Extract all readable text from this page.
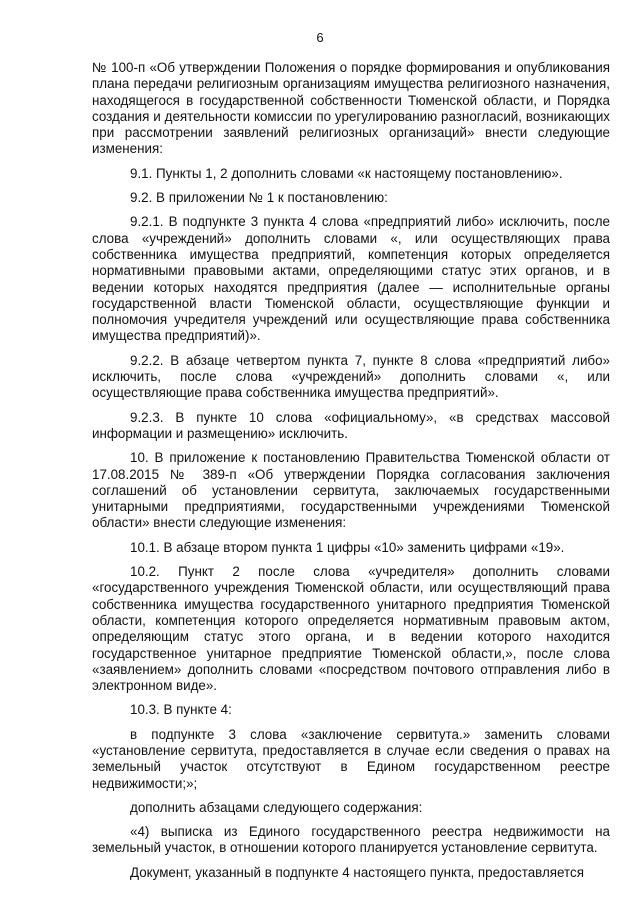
6

№ 100-п «Об утверждении Положения о порядке формирования и опубликования плана передачи религиозным организациям имущества религиозного назначения, находящегося в государственной собственности Тюменской области, и Порядка создания и деятельности комиссии по урегулированию разногласий, возникающих при рассмотрении заявлений религиозных организаций» внести следующие изменения:

9.1. Пункты 1, 2 дополнить словами «к настоящему постановлению».

9.2. В приложении № 1 к постановлению:

9.2.1. В подпункте 3 пункта 4 слова «предприятий либо» исключить, после слова «учреждений» дополнить словами «, или осуществляющих права собственника имущества предприятий, компетенция которых определяется нормативными правовыми актами, определяющими статус этих органов, и в ведении которых находятся предприятия (далее — исполнительные органы государственной власти Тюменской области, осуществляющие функции и полномочия учредителя учреждений или осуществляющие права собственника имущества предприятий)».

9.2.2. В абзаце четвертом пункта 7, пункте 8 слова «предприятий либо» исключить, после слова «учреждений» дополнить словами «, или осуществляющие права собственника имущества предприятий».

9.2.3. В пункте 10 слова «официальному», «в средствах массовой информации и размещению» исключить.

10. В приложение к постановлению Правительства Тюменской области от 17.08.2015 № 389-п «Об утверждении Порядка согласования заключения соглашений об установлении сервитута, заключаемых государственными унитарными предприятиями, государственными учреждениями Тюменской области» внести следующие изменения:

10.1. В абзаце втором пункта 1 цифры «10» заменить цифрами «19».

10.2. Пункт 2 после слова «учредителя» дополнить словами «государственного учреждения Тюменской области, или осуществляющий права собственника имущества государственного унитарного предприятия Тюменской области, компетенция которого определяется нормативным правовым актом, определяющим статус этого органа, и в ведении которого находится государственное унитарное предприятие Тюменской области,», после слова «заявлением» дополнить словами «посредством почтового отправления либо в электронном виде».

10.3. В пункте 4:

в подпункте 3 слова «заключение сервитута.» заменить словами «установление сервитута, предоставляется в случае если сведения о правах на земельный участок отсутствуют в Едином государственном реестре недвижимости;»;

дополнить абзацами следующего содержания:

«4) выписка из Единого государственного реестра недвижимости на земельный участок, в отношении которого планируется установление сервитута.

Документ, указанный в подпункте 4 настоящего пункта, предоставляется
